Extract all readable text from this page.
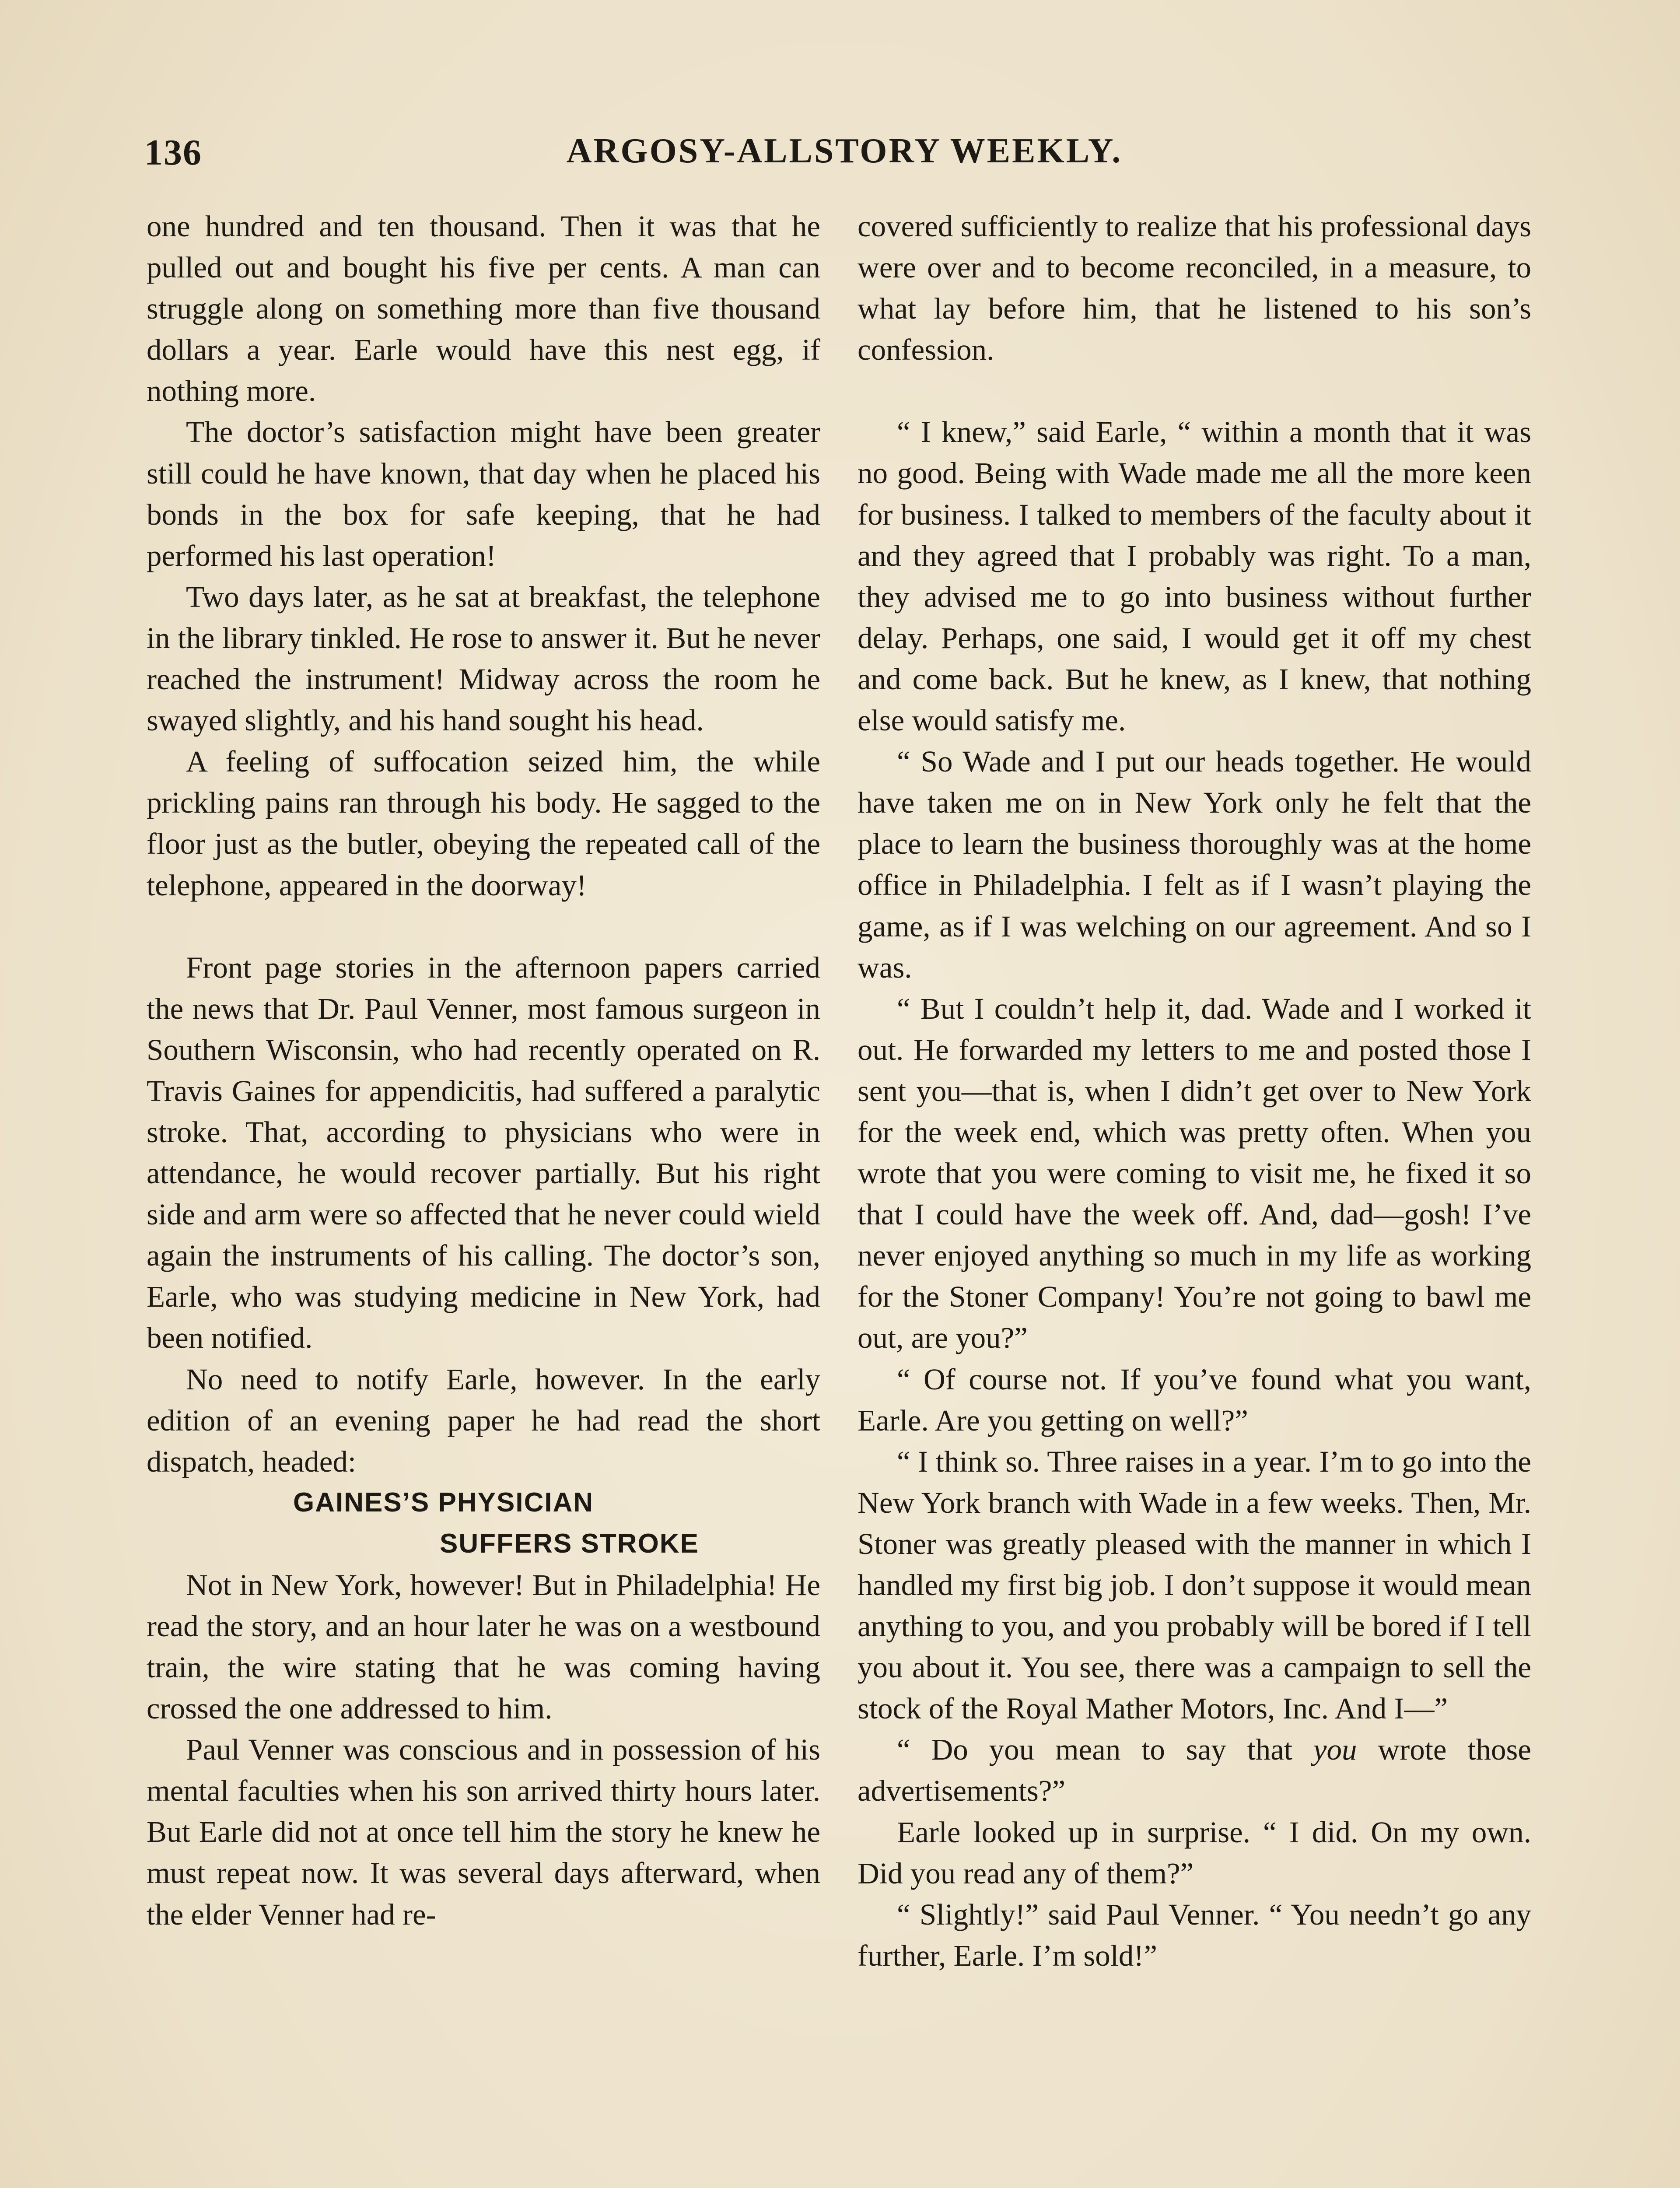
136	ARGOSY-ALLSTORY WEEKLY.

one hundred and ten thousand. Then it was that he pulled out and bought his five per cents. A man can struggle along on something more than five thousand dollars a year. Earle would have this nest egg, if nothing more.

The doctor’s satisfaction might have been greater still could he have known, that day when he placed his bonds in the box for safe keeping, that he had performed his last operation!

Two days later, as he sat at breakfast, the telephone in the library tinkled. He rose to answer it. But he never reached the instrument! Midway across the room he swayed slightly, and his hand sought his head.

A feeling of suffocation seized him, the while prickling pains ran through his body. He sagged to the floor just as the butler, obeying the repeated call of the telephone, appeared in the doorway!

Front page stories in the afternoon papers carried the news that Dr. Paul Venner, most famous surgeon in Southern Wisconsin, who had recently operated on R. Travis Gaines for appendicitis, had suffered a paralytic stroke. That, according to physicians who were in attendance, he would recover partially. But his right side and arm were so affected that he never could wield again the instruments of his calling. The doctor’s son, Earle, who was studying medicine in New York, had been notified.

No need to notify Earle, however. In the early edition of an evening paper he had read the short dispatch, headed:

GAINES’S PHYSICIAN

SUFFERS STROKE

Not in New York, however! But in Philadelphia! He read the story, and an hour later he was on a westbound train, the wire stating that he was coming having crossed the one addressed to him.

Paul Venner was conscious and in possession of his mental faculties when his son arrived thirty hours later. But Earle did not at once tell him the story he knew he must repeat now. It was several days afterward, when the elder Venner had re-

covered sufficiently to realize that his professional days were over and to become reconciled, in a measure, to what lay before him, that he listened to his son’s confession.

“ I knew,” said Earle, “ within a month that it was no good. Being with Wade made me all the more keen for business. I talked to members of the faculty about it and they agreed that I probably was right. To a man, they advised me to go into business without further delay. Perhaps, one said, I would get it off my chest and come back. But he knew, as I knew, that nothing else would satisfy me.

“ So Wade and I put our heads together. He would have taken me on in New York only he felt that the place to learn the business thoroughly was at the home office in Philadelphia. I felt as if I wasn’t playing the game, as if I was welching on our agreement. And so I was.

“ But I couldn’t help it, dad. Wade and I worked it out. He forwarded my letters to me and posted those I sent you—that is, when I didn’t get over to New York for the week end, which was pretty often. When you wrote that you were coming to visit me, he fixed it so that I could have the week off. And, dad—gosh! I’ve never enjoyed anything so much in my life as working for the Stoner Company! You’re not going to bawl me out, are you?”

“ Of course not. If you’ve found what you want, Earle. Are you getting on well?”

“ I think so. Three raises in a year. I’m to go into the New York branch with Wade in a few weeks. Then, Mr. Stoner was greatly pleased with the manner in which I handled my first big job. I don’t suppose it would mean anything to you, and you probably will be bored if I tell you about it. You see, there was a campaign to sell the stock of the Royal Mather Motors, Inc. And I—”

“ Do you mean to say that you wrote those advertisements?”

Earle looked up in surprise. “ I did. On my own. Did you read any of them?”

“ Slightly!” said Paul Venner. “ You needn’t go any further, Earle. I’m sold!”
